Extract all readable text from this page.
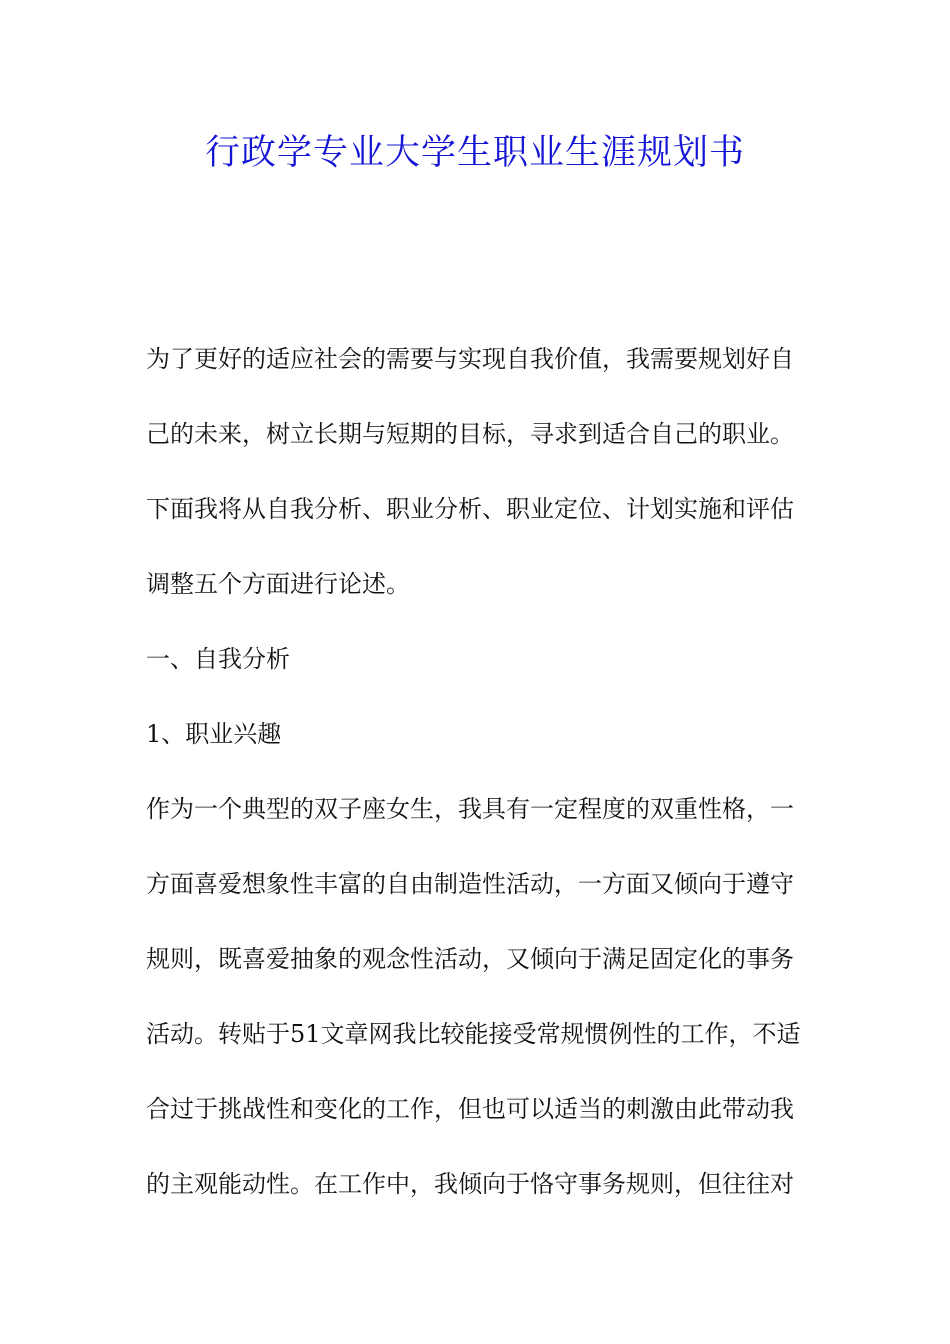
行政学专业大学生职业生涯规划书

为了更好的适应社会的需要与实现自我价值，我需要规划好自

己的未来，树立长期与短期的目标，寻求到适合自己的职业。

下面我将从自我分析、职业分析、职业定位、计划实施和评估

调整五个方面进行论述。

一、自我分析

1、职业兴趣

作为一个典型的双子座女生，我具有一定程度的双重性格，一

方面喜爱想象性丰富的自由制造性活动，一方面又倾向于遵守

规则，既喜爱抽象的观念性活动，又倾向于满足固定化的事务

活动。转贴于51文章网我比较能接受常规惯例性的工作，不适

合过于挑战性和变化的工作，但也可以适当的刺激由此带动我

的主观能动性。在工作中，我倾向于恪守事务规则，但往往对
